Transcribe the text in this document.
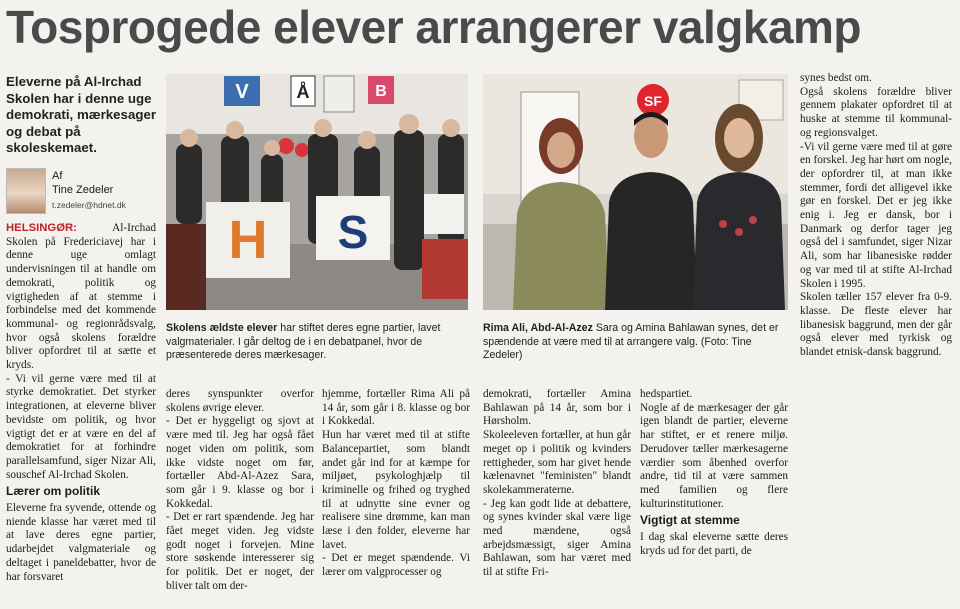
Tosprogede elever arrangerer valgkamp
Eleverne på Al-Irchad Skolen har i denne uge demokrati, mærkesager og debat på skoleskemaet.
Af
Tine Zedeler
t.zedeler@hdnet.dk
HELSINGØR:	Al-Irchad Skolen på Fredericiavej har i denne uge omlagt undervisningen til at handle om demokrati, politik og vigtigheden af at stemme i forbindelse med det kommende kommunal- og regionrådsvalg, hvor også skolens forældre bliver opfordret til at sætte et kryds.
- Vi vil gerne være med til at styrke demokratiet. Det styrker integrationen, at eleverne bliver bevidste om politik, og hvor vigtigt det er at være en del af demokratiet for at forhindre parallelsamfund, siger Nizar Ali, souschef Al-Irchad Skolen.
Lærer om politik
Eleverne fra syvende, ottende og niende klasse har været med til at lave deres egne partier, udarbejdet valgmateriale og deltaget i paneldebatter, hvor de har forsvaret
V	Å	B
H S
Skolens ældste elever har stiftet deres egne partier, lavet valgmaterialer. I går deltog de i en debatpanel, hvor de præsenterede deres mærkesager.
SF
Rima Ali, Abd-Al-Azez Sara og Amina Bahlawan synes, det er spændende at være med til at arrangere valg. (Foto: Tine Zedeler)
deres synspunkter overfor skolens øvrige elever.
- Det er hyggeligt og sjovt at være med til. Jeg har også fået noget viden om politik, som ikke vidste noget om før, fortæller Abd-Al-Azez Sara, som går i 9. klasse og bor i Kokkedal.
- Det er rart spændende. Jeg har fået meget viden. Jeg vidste godt noget i forvejen. Mine store søskende interesserer sig for politik. Det er noget, der bliver talt om der-
hjemme, fortæller Rima Ali på 14 år, som går i 8. klasse og bor i Kokkedal.
Hun har været med til at stifte Balancepartiet, som blandt andet går ind for at kæmpe for miljøet, psykologhjælp til kriminelle og frihed og tryghed til at udnytte sine evner og realisere sine drømme, kan man læse i den folder, eleverne har lavet.
- Det er meget spændende. Vi lærer om valgprocesser og
demokrati, fortæller Amina Bahlawan på 14 år, som bor i Hørsholm.
Skoleeleven fortæller, at hun går meget op i politik og kvinders rettigheder, som har givet hende kælenavnet "feministen" blandt skolekammeraterne.
- Jeg kan godt lide at debattere, og synes kvinder skal være lige med mændene, også arbejdsmæssigt, siger Amina Bahlawan, som har været med til at stifte Fri-
hedspartiet.
Nogle af de mærkesager der går igen blandt de partier, eleverne har stiftet, er et renere miljø. Derudover tæller mærkesagerne værdier som åbenhed overfor andre, tid til at være sammen med familien og flere kulturinstitutioner.
Vigtigt at stemme
I dag skal eleverne sætte deres kryds ud for det parti, de
synes bedst om.
Også skolens forældre bliver gennem plakater opfordret til at huske at stemme til kommunal- og regionsvalget.
-Vi vil gerne være med til at gøre en forskel. Jeg har hørt om nogle, der opfordrer til, at man ikke stemmer, fordi det alligevel ikke gør en forskel. Det er jeg ikke enig i. Jeg er dansk, bor i Danmark og derfor tager jeg også del i samfundet, siger Nizar Ali, som har libanesiske rødder og var med til at stifte Al-Irchad Skolen i 1995.
Skolen tæller 157 elever fra 0-9. klasse. De fleste elever har libanesisk baggrund, men der går også elever med tyrkisk og blandet etnisk-dansk baggrund.
